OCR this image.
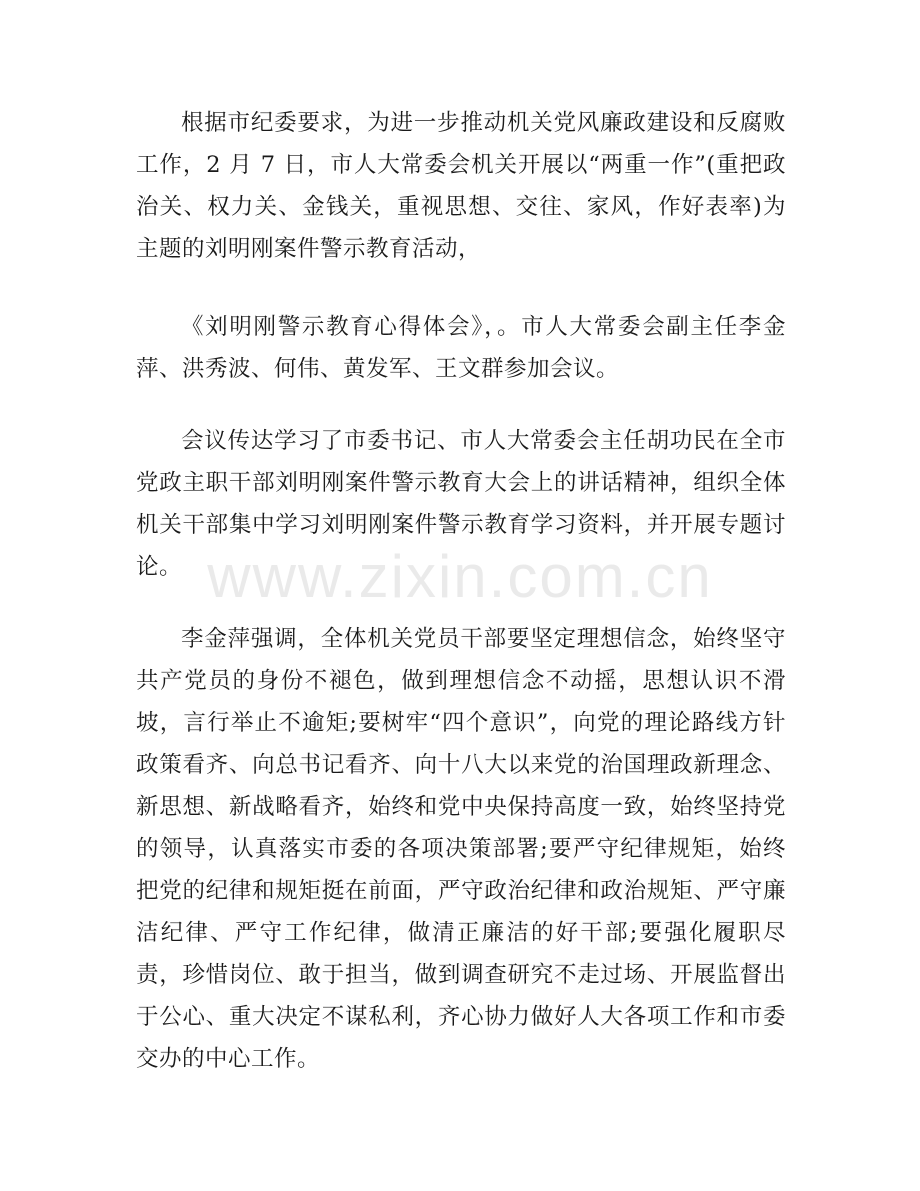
根据市纪委要求，为进一步推动机关党风廉政建设和反腐败工作，2 月 7 日，市人大常委会机关开展以“两重一作”(重把政治关、权力关、金钱关，重视思想、交往、家风，作好表率)为主题的刘明刚案件警示教育活动，

《刘明刚警示教育心得体会》，。市人大常委会副主任李金萍、洪秀波、何伟、黄发军、王文群参加会议。

会议传达学习了市委书记、市人大常委会主任胡功民在全市党政主职干部刘明刚案件警示教育大会上的讲话精神，组织全体机关干部集中学习刘明刚案件警示教育学习资料，并开展专题讨论。

李金萍强调，全体机关党员干部要坚定理想信念，始终坚守共产党员的身份不褪色，做到理想信念不动摇，思想认识不滑坡，言行举止不逾矩;要树牢“四个意识”，向党的理论路线方针政策看齐、向总书记看齐、向十八大以来党的治国理政新理念、新思想、新战略看齐，始终和党中央保持高度一致，始终坚持党的领导，认真落实市委的各项决策部署;要严守纪律规矩，始终把党的纪律和规矩挺在前面，严守政治纪律和政治规矩、严守廉洁纪律、严守工作纪律，做清正廉洁的好干部;要强化履职尽责，珍惜岗位、敢于担当，做到调查研究不走过场、开展监督出于公心、重大决定不谋私利，齐心协力做好人大各项工作和市委交办的中心工作。

www.zixin.com.cn
